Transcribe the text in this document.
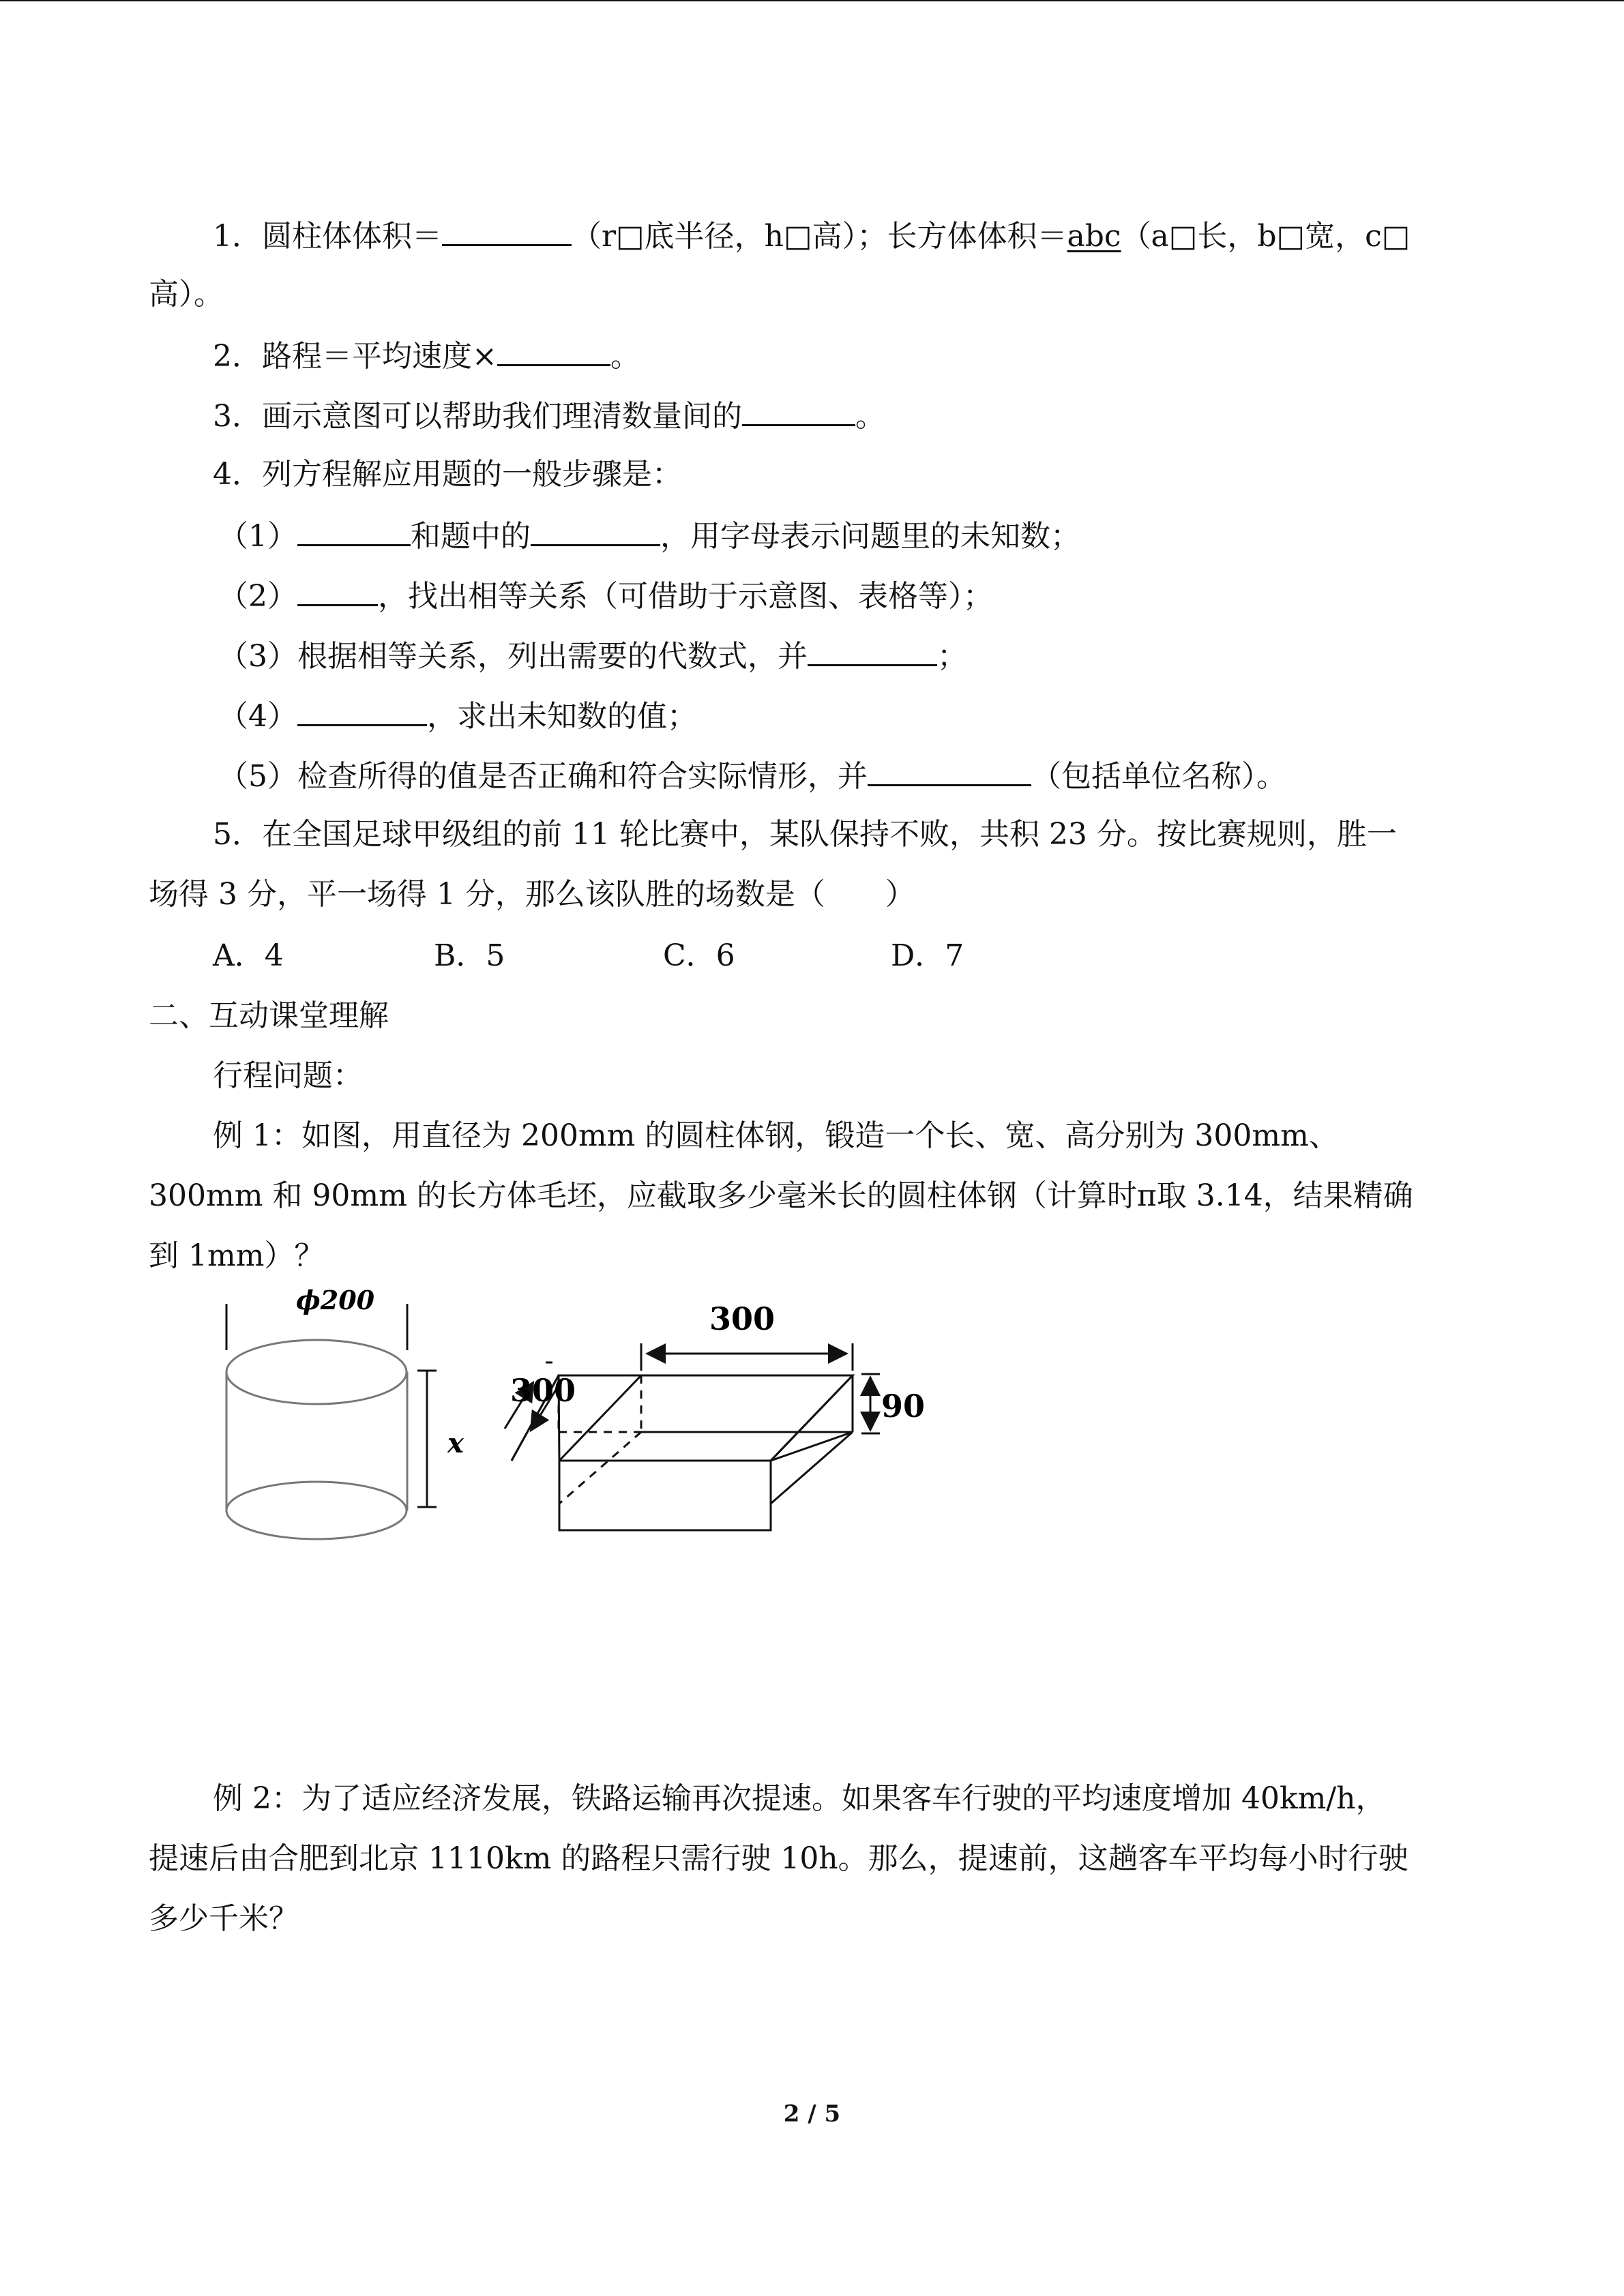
1．圆柱体体积＝	（r□底半径，h□高）；长方体体积＝abc（a□长，b□宽，c□
高）。
2．路程＝平均速度×	。
3．画示意图可以帮助我们理清数量间的	。
4．列方程解应用题的一般步骤是：
（1）	和题中的	，用字母表示问题里的未知数；
（2）	，找出相等关系（可借助于示意图、表格等）；
（3）根据相等关系，列出需要的代数式，并	；
（4）	，求出未知数的值；
（5）检查所得的值是否正确和符合实际情形，并	（包括单位名称）。
5．在全国足球甲级组的前 11 轮比赛中，某队保持不败，共积 23 分。按比赛规则，胜一
场得 3 分，平一场得 1 分，那么该队胜的场数是（　　）
A．4	B．5	C．6	D．7
二、互动课堂理解
行程问题：
例 1：如图，用直径为 200mm 的圆柱体钢，锻造一个长、宽、高分别为 300mm、
300mm 和 90mm 的长方体毛坯，应截取多少毫米长的圆柱体钢（计算时π取 3.14，结果精确
到 1mm）？
ϕ200
x
300
300	90
例 2：为了适应经济发展，铁路运输再次提速。如果客车行驶的平均速度增加 40km/h，
提速后由合肥到北京 1110km 的路程只需行驶 10h。那么，提速前，这趟客车平均每小时行驶
多少千米？
2 / 5
